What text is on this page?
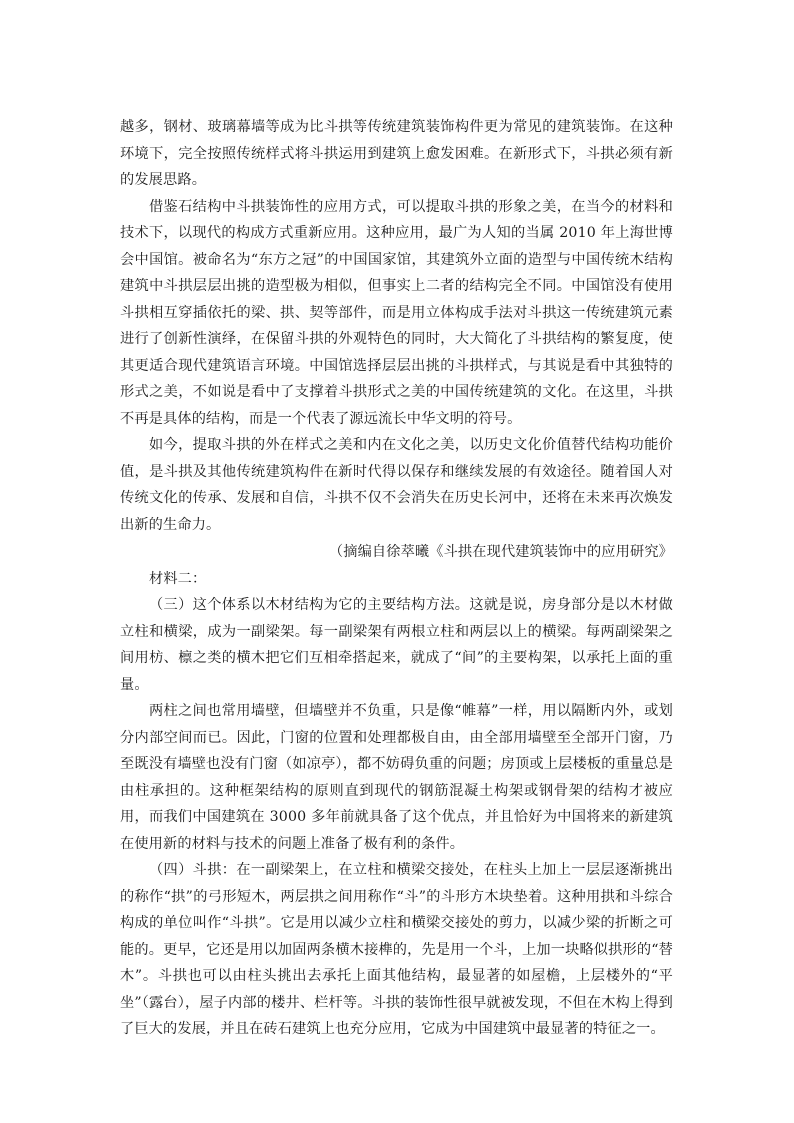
越多，钢材、玻璃幕墙等成为比斗拱等传统建筑装饰构件更为常见的建筑装饰。在这种环境下，完全按照传统样式将斗拱运用到建筑上愈发困难。在新形式下，斗拱必须有新的发展思路。

借鉴石结构中斗拱装饰性的应用方式，可以提取斗拱的形象之美，在当今的材料和技术下，以现代的构成方式重新应用。这种应用，最广为人知的当属 2010 年上海世博会中国馆。被命名为“东方之冠”的中国国家馆，其建筑外立面的造型与中国传统木结构建筑中斗拱层层出挑的造型极为相似，但事实上二者的结构完全不同。中国馆没有使用斗拱相互穿插依托的梁、拱、契等部件，而是用立体构成手法对斗拱这一传统建筑元素进行了创新性演绎，在保留斗拱的外观特色的同时，大大简化了斗拱结构的繁复度，使其更适合现代建筑语言环境。中国馆选择层层出挑的斗拱样式，与其说是看中其独特的形式之美，不如说是看中了支撑着斗拱形式之美的中国传统建筑的文化。在这里，斗拱不再是具体的结构，而是一个代表了源远流长中华文明的符号。

如今，提取斗拱的外在样式之美和内在文化之美，以历史文化价值替代结构功能价值，是斗拱及其他传统建筑构件在新时代得以保存和继续发展的有效途径。随着国人对传统文化的传承、发展和自信，斗拱不仅不会消失在历史长河中，还将在未来再次焕发出新的生命力。

（摘编自徐萃曦《斗拱在现代建筑装饰中的应用研究》

材料二：

（三）这个体系以木材结构为它的主要结构方法。这就是说，房身部分是以木材做立柱和横梁，成为一副梁架。每一副梁架有两根立柱和两层以上的横梁。每两副梁架之间用枋、檩之类的横木把它们互相牵搭起来，就成了“间”的主要构架，以承托上面的重量。

两柱之间也常用墙壁，但墙壁并不负重，只是像“帷幕”一样，用以隔断内外，或划分内部空间而已。因此，门窗的位置和处理都极自由，由全部用墙壁至全部开门窗，乃至既没有墙壁也没有门窗（如凉亭），都不妨碍负重的问题；房顶或上层楼板的重量总是由柱承担的。这种框架结构的原则直到现代的钢筋混凝土构架或钢骨架的结构才被应用，而我们中国建筑在 3000 多年前就具备了这个优点，并且恰好为中国将来的新建筑在使用新的材料与技术的问题上准备了极有利的条件。

（四）斗拱：在一副梁架上，在立柱和横梁交接处，在柱头上加上一层层逐渐挑出的称作“拱”的弓形短木，两层拱之间用称作“斗”的斗形方木块垫着。这种用拱和斗综合构成的单位叫作“斗拱”。它是用以减少立柱和横梁交接处的剪力，以减少梁的折断之可能的。更早，它还是用以加固两条横木接榫的，先是用一个斗，上加一块略似拱形的“替木”。斗拱也可以由柱头挑出去承托上面其他结构，最显著的如屋檐，上层楼外的“平坐”（露台），屋子内部的楼井、栏杆等。斗拱的装饰性很早就被发现，不但在木构上得到了巨大的发展，并且在砖石建筑上也充分应用，它成为中国建筑中最显著的特征之一。
